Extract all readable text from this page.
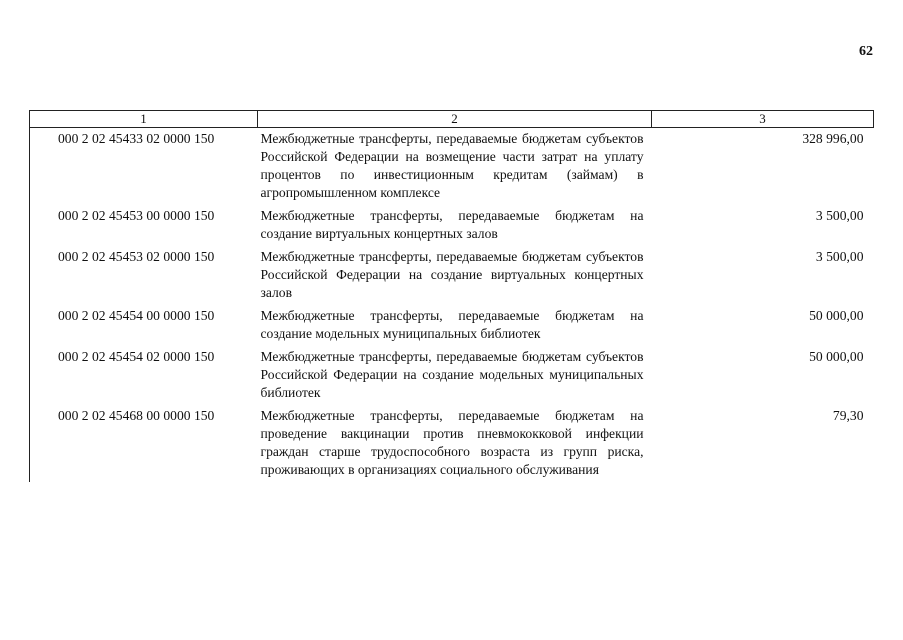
62
1	2	3
000 2 02 45433 02 0000 150	Межбюджетные трансферты, передаваемые бюджетам субъектов Российской Федерации на возмещение части затрат на уплату процентов по инвестиционным кредитам (займам) в агропромышленном комплексе	328 996,00
000 2 02 45453 00 0000 150	Межбюджетные трансферты, передаваемые бюджетам на создание виртуальных концертных залов	3 500,00
000 2 02 45453 02 0000 150	Межбюджетные трансферты, передаваемые бюджетам субъектов Российской Федерации на создание виртуальных концертных залов	3 500,00
000 2 02 45454 00 0000 150	Межбюджетные трансферты, передаваемые бюджетам на создание модельных муниципальных библиотек	50 000,00
000 2 02 45454 02 0000 150	Межбюджетные трансферты, передаваемые бюджетам субъектов Российской Федерации на создание модельных муниципальных библиотек	50 000,00
000 2 02 45468 00 0000 150	Межбюджетные трансферты, передаваемые бюджетам на проведение вакцинации против пневмококковой инфекции граждан старше трудоспособного возраста из групп риска, проживающих в организациях социального обслуживания	79,30
